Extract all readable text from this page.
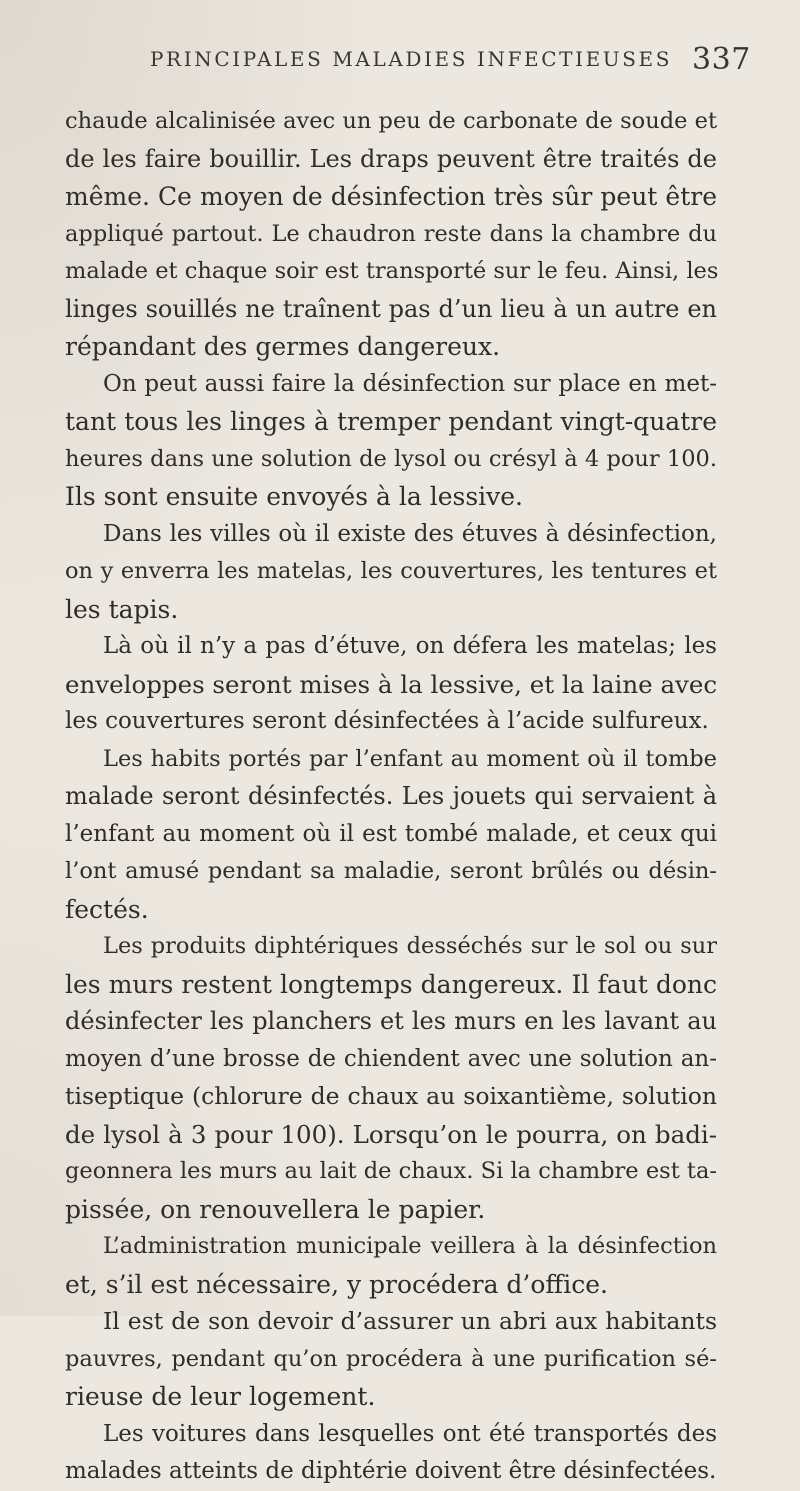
PRINCIPALES MALADIES INFECTIEUSES 337
chaude alcalinisée avec un peu de carbonate de soude et
de les faire bouillir. Les draps peuvent être traités de
même. Ce moyen de désinfection très sûr peut être
appliqué partout. Le chaudron reste dans la chambre du
malade et chaque soir est transporté sur le feu. Ainsi, les
linges souillés ne traînent pas d’un lieu à un autre en
répandant des germes dangereux.
On peut aussi faire la désinfection sur place en met-
tant tous les linges à tremper pendant vingt-quatre
heures dans une solution de lysol ou crésyl à 4 pour 100.
Ils sont ensuite envoyés à la lessive.
Dans les villes où il existe des étuves à désinfection,
on y enverra les matelas, les couvertures, les tentures et
les tapis.
Là où il n’y a pas d’étuve, on défera les matelas; les
enveloppes seront mises à la lessive, et la laine avec
les couvertures seront désinfectées à l’acide sulfureux.
Les habits portés par l’enfant au moment où il tombe
malade seront désinfectés. Les jouets qui servaient à
l’enfant au moment où il est tombé malade, et ceux qui
l’ont amusé pendant sa maladie, seront brûlés ou désin-
fectés.
Les produits diphtériques desséchés sur le sol ou sur
les murs restent longtemps dangereux. Il faut donc
désinfecter les planchers et les murs en les lavant au
moyen d’une brosse de chiendent avec une solution an-
tiseptique (chlorure de chaux au soixantième, solution
de lysol à 3 pour 100). Lorsqu’on le pourra, on badi-
geonnera les murs au lait de chaux. Si la chambre est ta-
pissée, on renouvellera le papier.
L’administration municipale veillera à la désinfection
et, s’il est nécessaire, y procédera d’office.
Il est de son devoir d’assurer un abri aux habitants
pauvres, pendant qu’on procédera à une purification sé-
rieuse de leur logement.
Les voitures dans lesquelles ont été transportés des
malades atteints de diphtérie doivent être désinfectées.
